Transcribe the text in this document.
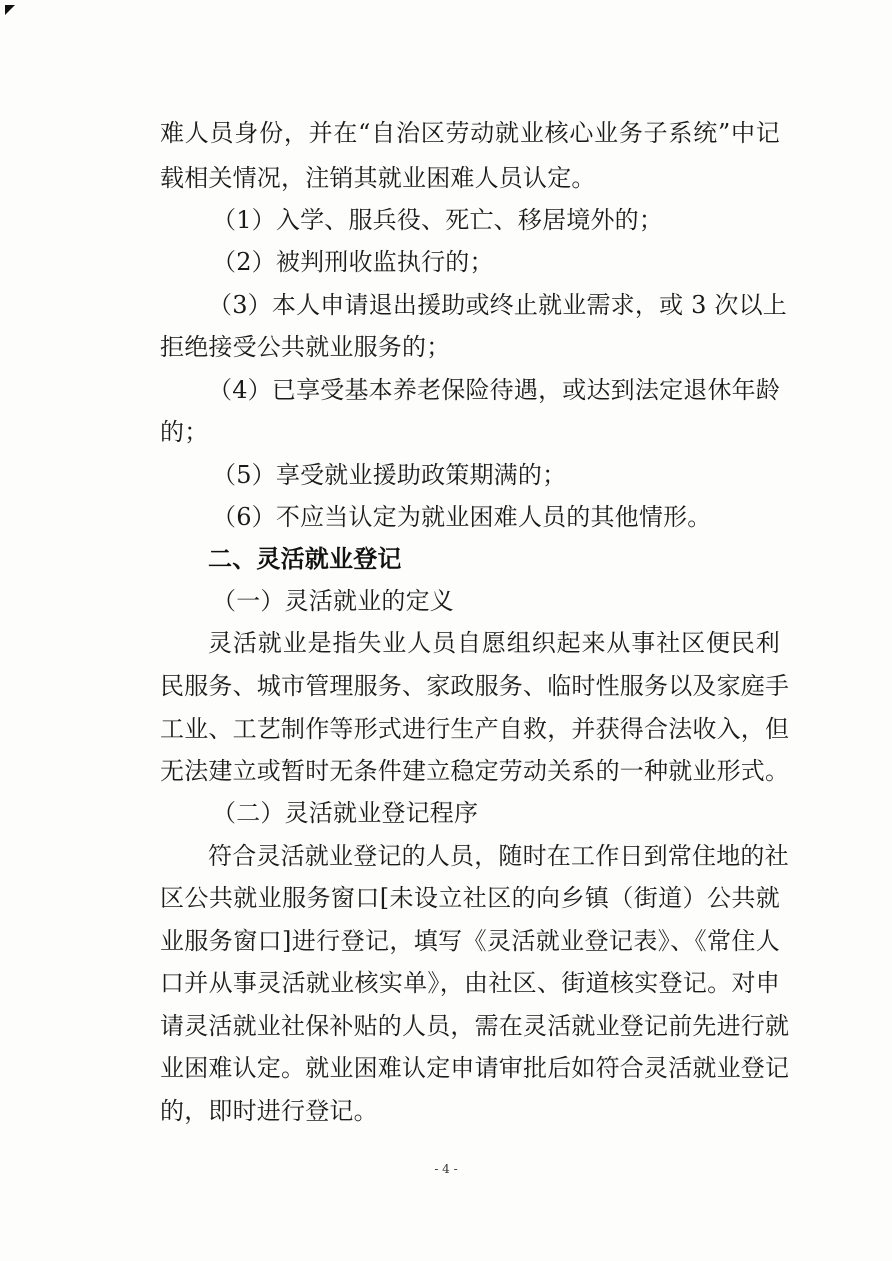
难人员身份，并在“自治区劳动就业核心业务子系统”中记
载相关情况，注销其就业困难人员认定。
（1）入学、服兵役、死亡、移居境外的；
（2）被判刑收监执行的；
（3）本人申请退出援助或终止就业需求，或 3 次以上
拒绝接受公共就业服务的；
（4）已享受基本养老保险待遇，或达到法定退休年龄
的；
（5）享受就业援助政策期满的；
（6）不应当认定为就业困难人员的其他情形。
二、灵活就业登记
（一）灵活就业的定义
灵活就业是指失业人员自愿组织起来从事社区便民利
民服务、城市管理服务、家政服务、临时性服务以及家庭手
工业、工艺制作等形式进行生产自救，并获得合法收入，但
无法建立或暂时无条件建立稳定劳动关系的一种就业形式。
（二）灵活就业登记程序
符合灵活就业登记的人员，随时在工作日到常住地的社
区公共就业服务窗口[未设立社区的向乡镇（街道）公共就
业服务窗口]进行登记，填写《灵活就业登记表》、《常住人
口并从事灵活就业核实单》，由社区、街道核实登记。对申
请灵活就业社保补贴的人员，需在灵活就业登记前先进行就
业困难认定。就业困难认定申请审批后如符合灵活就业登记
的，即时进行登记。
- 4 -
